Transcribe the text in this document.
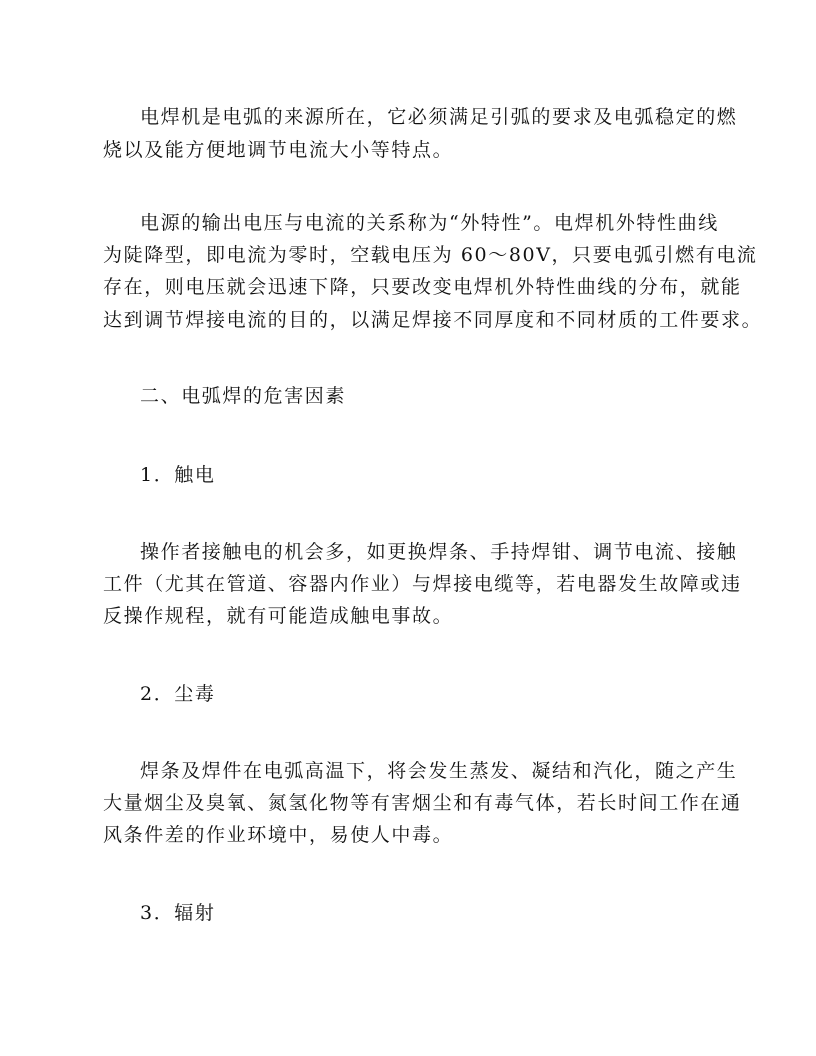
电焊机是电弧的来源所在，它必须满足引弧的要求及电弧稳定的燃
烧以及能方便地调节电流大小等特点。
电源的输出电压与电流的关系称为“外特性”。电焊机外特性曲线
为陡降型，即电流为零时，空载电压为 60～80V，只要电弧引燃有电流
存在，则电压就会迅速下降，只要改变电焊机外特性曲线的分布，就能
达到调节焊接电流的目的，以满足焊接不同厚度和不同材质的工件要求。
二、电弧焊的危害因素
1．触电
操作者接触电的机会多，如更换焊条、手持焊钳、调节电流、接触
工件（尤其在管道、容器内作业）与焊接电缆等，若电器发生故障或违
反操作规程，就有可能造成触电事故。
2．尘毒
焊条及焊件在电弧高温下，将会发生蒸发、凝结和汽化，随之产生
大量烟尘及臭氧、氮氢化物等有害烟尘和有毒气体，若长时间工作在通
风条件差的作业环境中，易使人中毒。
3．辐射
